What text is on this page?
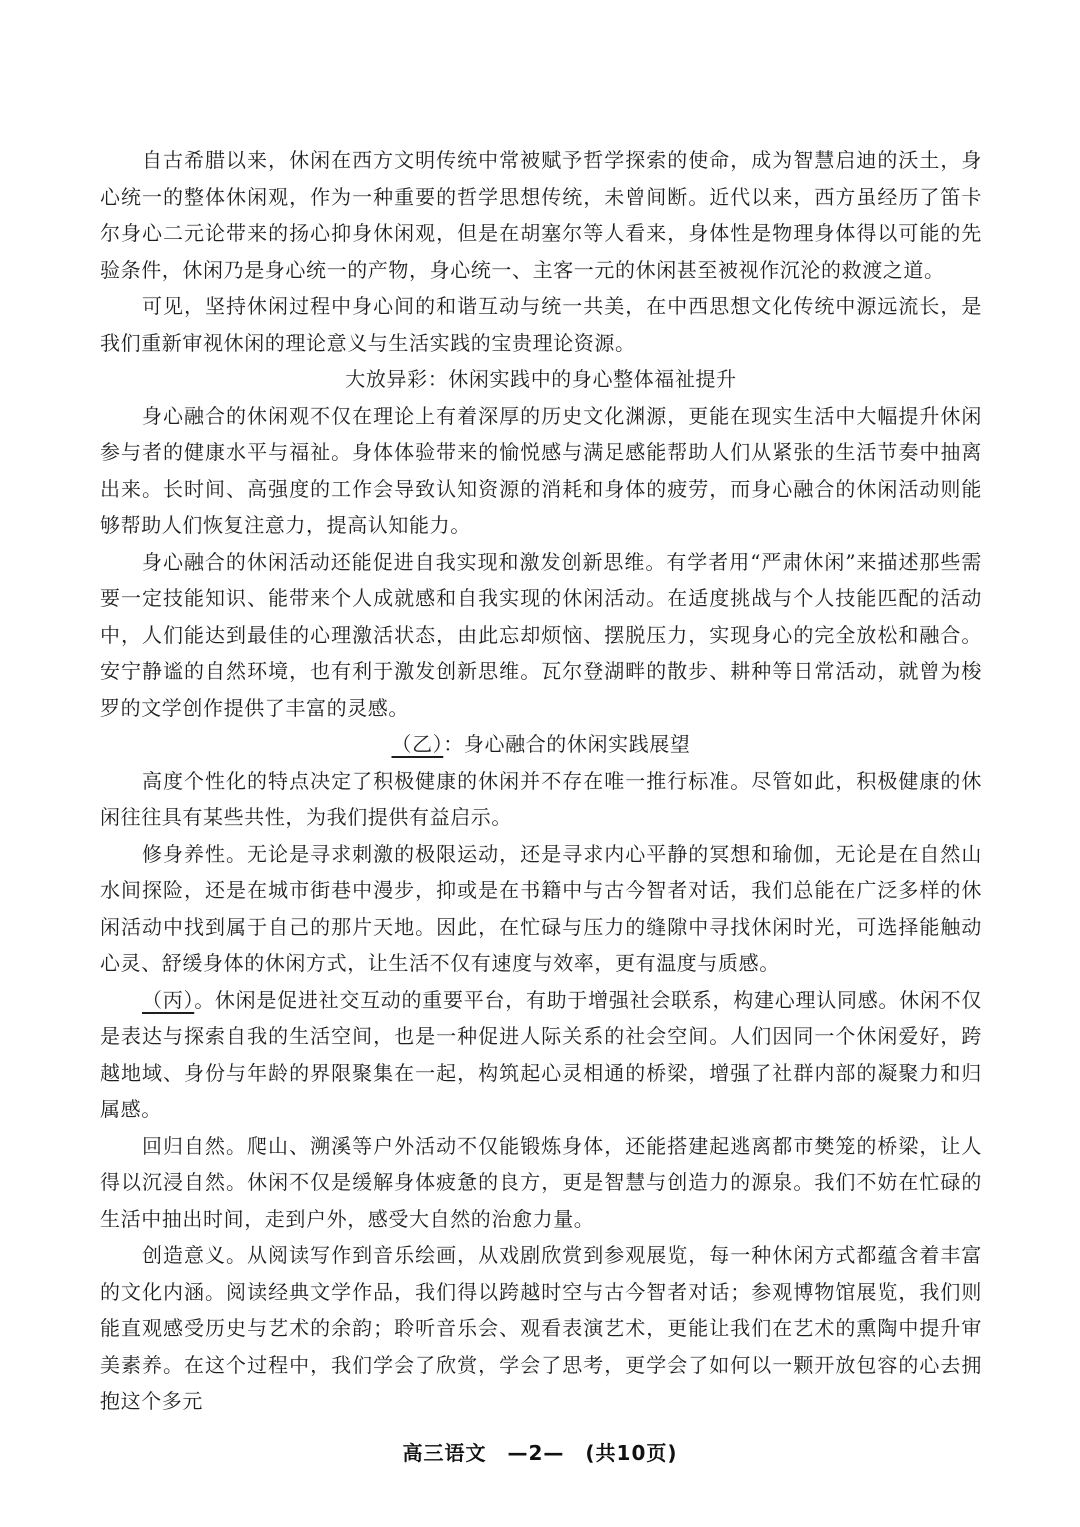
自古希腊以来，休闲在西方文明传统中常被赋予哲学探索的使命，成为智慧启迪的沃土，身心统一的整体休闲观，作为一种重要的哲学思想传统，未曾间断。近代以来，西方虽经历了笛卡尔身心二元论带来的扬心抑身休闲观，但是在胡塞尔等人看来，身体性是物理身体得以可能的先验条件，休闲乃是身心统一的产物，身心统一、主客一元的休闲甚至被视作沉沦的救渡之道。

可见，坚持休闲过程中身心间的和谐互动与统一共美，在中西思想文化传统中源远流长，是我们重新审视休闲的理论意义与生活实践的宝贵理论资源。

大放异彩：休闲实践中的身心整体福祉提升

身心融合的休闲观不仅在理论上有着深厚的历史文化渊源，更能在现实生活中大幅提升休闲参与者的健康水平与福祉。身体体验带来的愉悦感与满足感能帮助人们从紧张的生活节奏中抽离出来。长时间、高强度的工作会导致认知资源的消耗和身体的疲劳，而身心融合的休闲活动则能够帮助人们恢复注意力，提高认知能力。

身心融合的休闲活动还能促进自我实现和激发创新思维。有学者用“严肃休闲”来描述那些需要一定技能知识、能带来个人成就感和自我实现的休闲活动。在适度挑战与个人技能匹配的活动中，人们能达到最佳的心理激活状态，由此忘却烦恼、摆脱压力，实现身心的完全放松和融合。安宁静谧的自然环境，也有利于激发创新思维。瓦尔登湖畔的散步、耕种等日常活动，就曾为梭罗的文学创作提供了丰富的灵感。

（乙）：身心融合的休闲实践展望

高度个性化的特点决定了积极健康的休闲并不存在唯一推行标准。尽管如此，积极健康的休闲往往具有某些共性，为我们提供有益启示。

修身养性。无论是寻求刺激的极限运动，还是寻求内心平静的冥想和瑜伽，无论是在自然山水间探险，还是在城市街巷中漫步，抑或是在书籍中与古今智者对话，我们总能在广泛多样的休闲活动中找到属于自己的那片天地。因此，在忙碌与压力的缝隙中寻找休闲时光，可选择能触动心灵、舒缓身体的休闲方式，让生活不仅有速度与效率，更有温度与质感。

（丙）。休闲是促进社交互动的重要平台，有助于增强社会联系，构建心理认同感。休闲不仅是表达与探索自我的生活空间，也是一种促进人际关系的社会空间。人们因同一个休闲爱好，跨越地域、身份与年龄的界限聚集在一起，构筑起心灵相通的桥梁，增强了社群内部的凝聚力和归属感。

回归自然。爬山、溯溪等户外活动不仅能锻炼身体，还能搭建起逃离都市樊笼的桥梁，让人得以沉浸自然。休闲不仅是缓解身体疲惫的良方，更是智慧与创造力的源泉。我们不妨在忙碌的生活中抽出时间，走到户外，感受大自然的治愈力量。

创造意义。从阅读写作到音乐绘画，从戏剧欣赏到参观展览，每一种休闲方式都蕴含着丰富的文化内涵。阅读经典文学作品，我们得以跨越时空与古今智者对话；参观博物馆展览，我们则能直观感受历史与艺术的余韵；聆听音乐会、观看表演艺术，更能让我们在艺术的熏陶中提升审美素养。在这个过程中，我们学会了欣赏，学会了思考，更学会了如何以一颗开放包容的心去拥抱这个多元

高三语文　—2—　(共10页)
